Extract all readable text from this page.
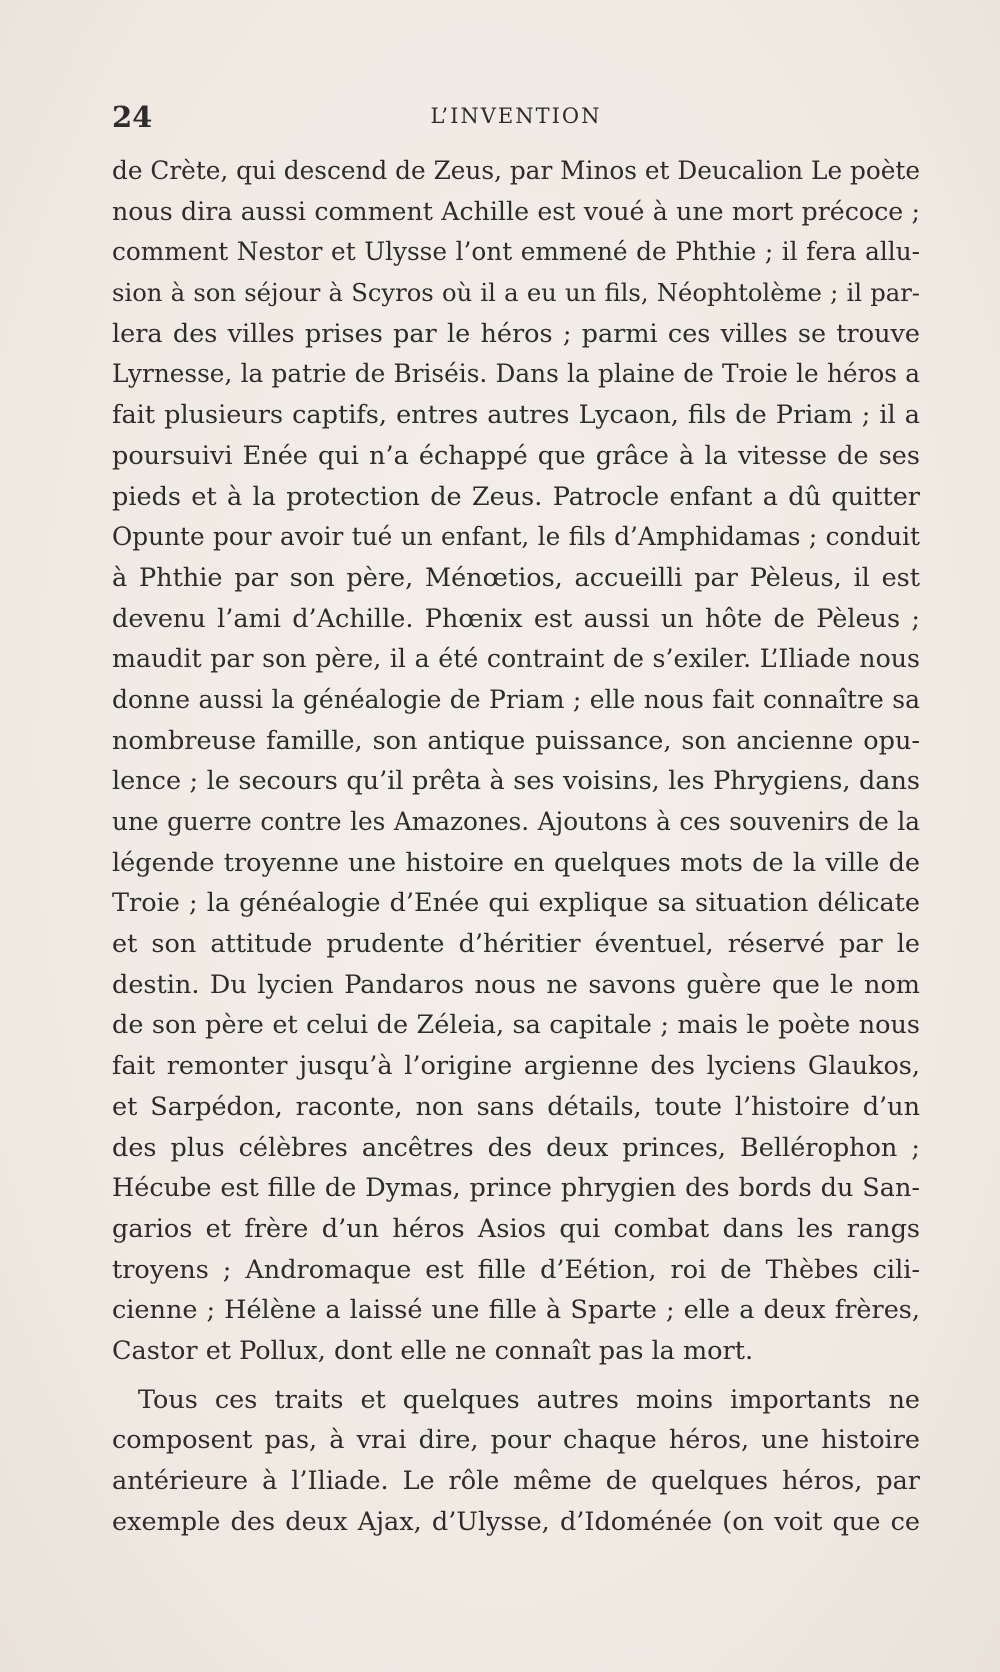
24	L’INVENTION
de Crète, qui descend de Zeus, par Minos et Deucalion Le poète
nous dira aussi comment Achille est voué à une mort précoce ;
comment Nestor et Ulysse l’ont emmené de Phthie ; il fera allu-
sion à son séjour à Scyros où il a eu un fils, Néophtolème ; il par-
lera des villes prises par le héros ; parmi ces villes se trouve
Lyrnesse, la patrie de Briséis. Dans la plaine de Troie le héros a
fait plusieurs captifs, entres autres Lycaon, fils de Priam ; il a
poursuivi Enée qui n’a échappé que grâce à la vitesse de ses
pieds et à la protection de Zeus. Patrocle enfant a dû quitter
Opunte pour avoir tué un enfant, le fils d’Amphidamas ; conduit
à Phthie par son père, Ménœtios, accueilli par Pèleus, il est
devenu l’ami d’Achille. Phœnix est aussi un hôte de Pèleus ;
maudit par son père, il a été contraint de s’exiler. L’Iliade nous
donne aussi la généalogie de Priam ; elle nous fait connaître sa
nombreuse famille, son antique puissance, son ancienne opu-
lence ; le secours qu’il prêta à ses voisins, les Phrygiens, dans
une guerre contre les Amazones. Ajoutons à ces souvenirs de la
légende troyenne une histoire en quelques mots de la ville de
Troie ; la généalogie d’Enée qui explique sa situation délicate
et son attitude prudente d’héritier éventuel, réservé par le
destin. Du lycien Pandaros nous ne savons guère que le nom
de son père et celui de Zéleia, sa capitale ; mais le poète nous
fait remonter jusqu’à l’origine argienne des lyciens Glaukos,
et Sarpédon, raconte, non sans détails, toute l’histoire d’un
des plus célèbres ancêtres des deux princes, Bellérophon ;
Hécube est fille de Dymas, prince phrygien des bords du San-
garios et frère d’un héros Asios qui combat dans les rangs
troyens ; Andromaque est fille d’Eétion, roi de Thèbes cili-
cienne ; Hélène a laissé une fille à Sparte ; elle a deux frères,
Castor et Pollux, dont elle ne connaît pas la mort.
Tous ces traits et quelques autres moins importants ne
composent pas, à vrai dire, pour chaque héros, une histoire
antérieure à l’Iliade. Le rôle même de quelques héros, par
exemple des deux Ajax, d’Ulysse, d’Idoménée (on voit que ce
